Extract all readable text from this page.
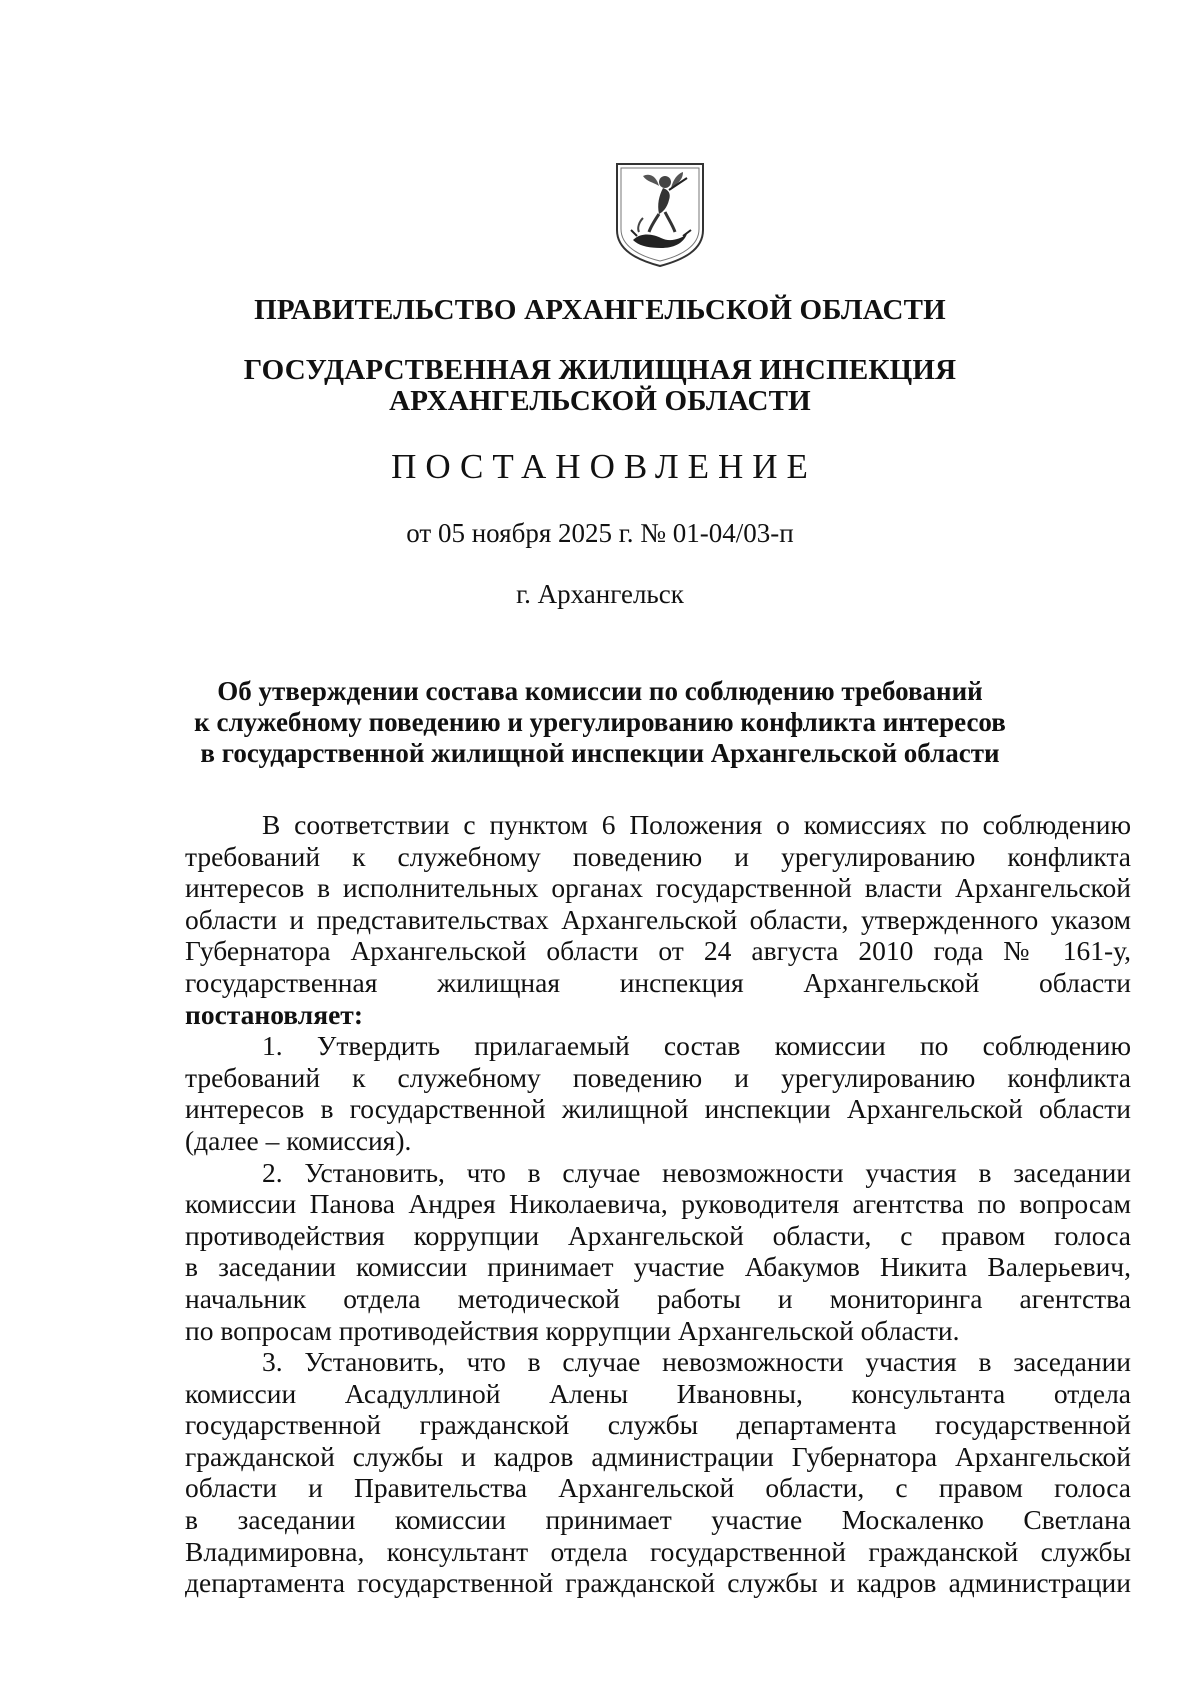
ПРАВИТЕЛЬСТВО АРХАНГЕЛЬСКОЙ ОБЛАСТИ
ГОСУДАРСТВЕННАЯ ЖИЛИЩНАЯ ИНСПЕКЦИЯ
АРХАНГЕЛЬСКОЙ ОБЛАСТИ
ПОСТАНОВЛЕНИЕ
от 05 ноября 2025 г. № 01-04/03-п
г. Архангельск
Об утверждении состава комиссии по соблюдению требований
к служебному поведению и урегулированию конфликта интересов
в государственной жилищной инспекции Архангельской области
В соответствии с пунктом 6 Положения о комиссиях по соблюдению
требований к служебному поведению и урегулированию конфликта
интересов в исполнительных органах государственной власти Архангельской
области и представительствах Архангельской области, утвержденного указом
Губернатора Архангельской области от 24 августа 2010 года № 161-у,
государственная жилищная инспекция Архангельской области
постановляет:
1. Утвердить прилагаемый состав комиссии по соблюдению
требований к служебному поведению и урегулированию конфликта
интересов в государственной жилищной инспекции Архангельской области
(далее – комиссия).
2. Установить, что в случае невозможности участия в заседании
комиссии Панова Андрея Николаевича, руководителя агентства по вопросам
противодействия коррупции Архангельской области, с правом голоса
в заседании комиссии принимает участие Абакумов Никита Валерьевич,
начальник отдела методической работы и мониторинга агентства
по вопросам противодействия коррупции Архангельской области.
3. Установить, что в случае невозможности участия в заседании
комиссии Асадуллиной Алены Ивановны, консультанта отдела
государственной гражданской службы департамента государственной
гражданской службы и кадров администрации Губернатора Архангельской
области и Правительства Архангельской области, с правом голоса
в заседании комиссии принимает участие Москаленко Светлана
Владимировна, консультант отдела государственной гражданской службы
департамента государственной гражданской службы и кадров администрации
